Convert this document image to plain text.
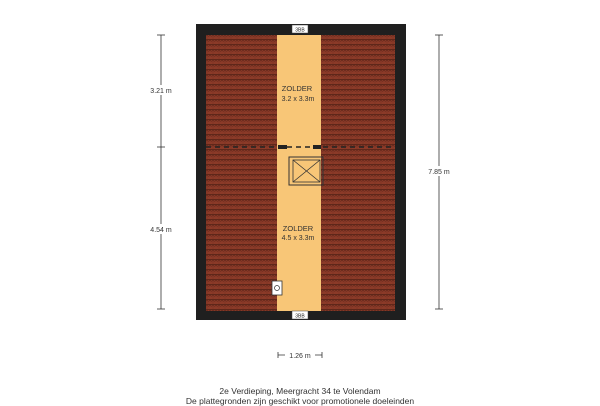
3BB
3BB
ZOLDER
3.2 x 3.3m
ZOLDER
4.5 x 3.3m
3.21 m
4.54 m
7.85 m
1.26 m
2e Verdieping, Meergracht 34 te Volendam
De plattegronden zijn geschikt voor promotionele doeleinden
